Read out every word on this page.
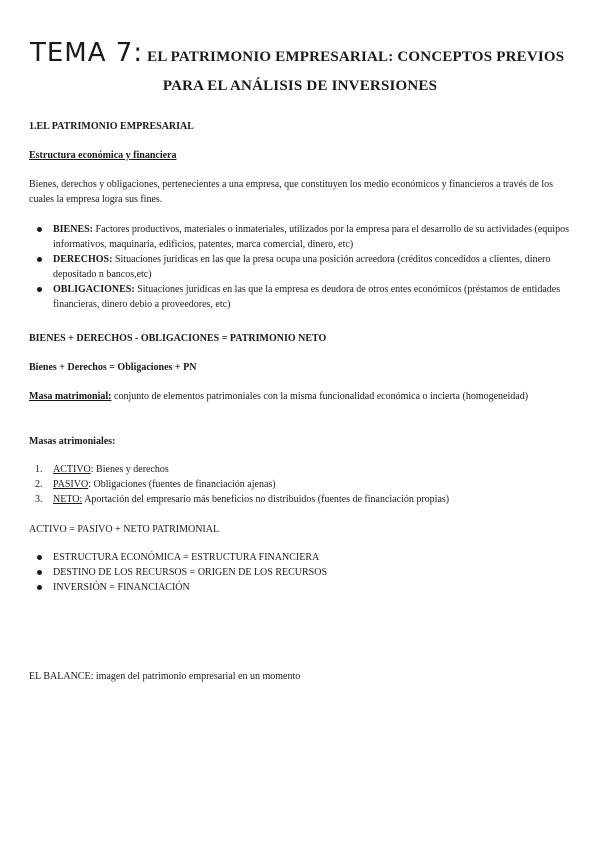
TEMA 7: EL PATRIMONIO EMPRESARIAL: CONCEPTOS PREVIOS
PARA EL ANÁLISIS DE INVERSIONES
1.EL PATRIMONIO EMPRESARIAL
Estructura económica y financiera
Bienes, derechos y obligaciones, pertenecientes a una empresa, que constituyen los medio económicos y financieros a través de los cuales la empresa logra sus fines.
BIENES: Factores productivos, materiales o inmateriales, utilizados por la empresa para el desarrollo de su actividades (equipos informativos, maquinaria, edificios, patentes, marca comercial, dinero, etc)
DERECHOS: Situaciones jurídicas en las que la presa ocupa una posición acreedora (créditos concedidos a clientes, dinero depositado n bancos,etc)
OBLIGACIONES: Situaciones jurídicas en las que la empresa es deudora de otros entes económicos (préstamos de entidades financieras, dinero debio a proveedores, etc)
BIENES + DERECHOS - OBLIGACIONES = PATRIMONIO NETO
Bienes + Derechos = Obligaciones + PN
Masa matrimonial: conjunto de elementos patrimoniales con la misma funcionalidad económica o incierta (homogeneidad)
Masas atrimoniales:
1. ACTIVO: Bienes y derechos
2. PASIVO: Obligaciones (fuentes de financiación ajenas)
3. NETO: Aportación del empresario más beneficios no distribuidos (fuentes de financiación propias)
ACTIVO = PASIVO + NETO PATRIMONIAL
ESTRUCTURA ECONÓMICA = ESTRUCTURA FINANCIERA
DESTINO DE LOS RECURSOS = ORIGEN DE LOS RECURSOS
INVERSIÓN = FINANCIACIÓN
EL BALANCE: imagen del patrimonio empresarial en un momento
